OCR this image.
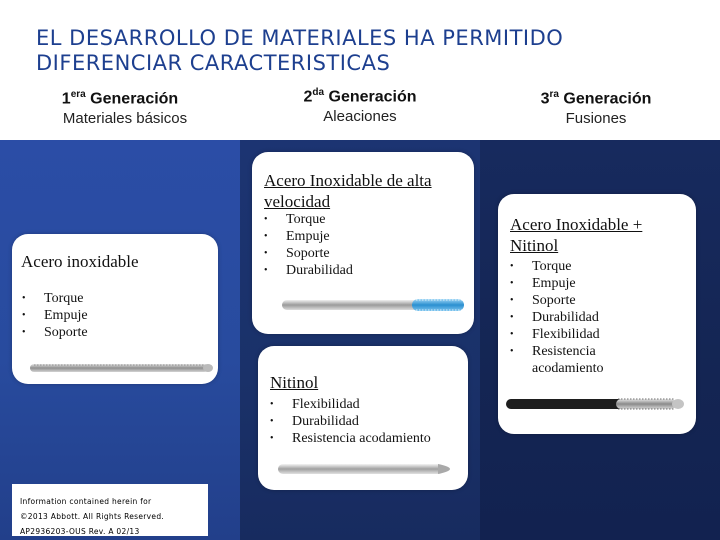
EL DESARROLLO DE MATERIALES HA PERMITIDO DIFERENCIAR CARACTERISTICAS
$1^{era}$ Generación
Materiales básicos
$2^{da}$ Generación
Aleaciones
$3^{ra}$ Generación
Fusiones
Acero inoxidable
• Torque
• Empuje
• Soporte
Acero Inoxidable de alta velocidad
• Torque
• Empuje
• Soporte
• Durabilidad
Nitinol
• Flexibilidad
• Durabilidad
• Resistencia acodamiento
Acero Inoxidable + Nitinol
• Torque
• Empuje
• Soporte
• Durabilidad
• Flexibilidad
• Resistencia acodamiento
Information contained herein for
©2013 Abbott. All Rights Reserved.
AP2936203-OUS Rev. A 02/13
